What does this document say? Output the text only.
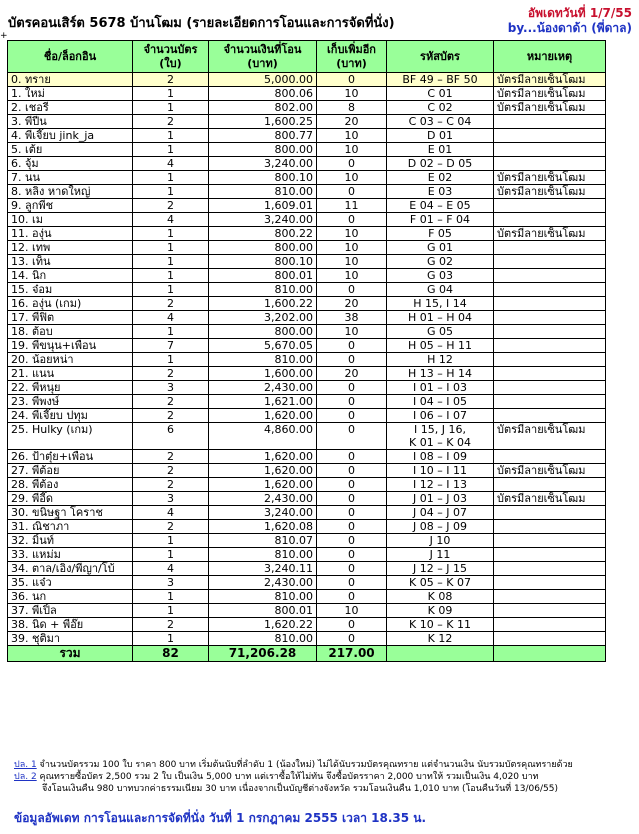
บัตรคอนเสิร์ต 5678 บ้านโฒม (รายละเอียดการโอนและการจัดที่นั่ง)
อัพเดทวันที่ 1/7/55
by...น้องดาด้า (พี่ดาล)
+
ชื่อ/ล็อกอิน	จำนวนบัตร (ใบ)	จำนวนเงินที่โอน (บาท)	เก็บเพิ่มอีก (บาท)	รหัสบัตร	หมายเหตุ
0. ทราย	2	5,000.00	0	BF 49 – BF 50	บัตรมีลายเซ็นโฒม
1. ใหม่	1	800.06	10	C 01	บัตรมีลายเซ็นโฒม
2. เชอรี่	1	802.00	8	C 02	บัตรมีลายเซ็นโฒม
3. พี่ปีน	2	1,600.25	20	C 03 – C 04	
4. พี่เจี๊ยบ jink_ja	1	800.77	10	D 01	
5. เต้ย	1	800.00	10	E 01	
6. จุ้ม	4	3,240.00	0	D 02 – D 05	
7. นน	1	800.10	10	E 02	บัตรมีลายเซ็นโฒม
8. หลิง หาดใหญ่	1	810.00	0	E 03	บัตรมีลายเซ็นโฒม
9. ลูกพีช	2	1,609.01	11	E 04 – E 05	
10. เม	4	3,240.00	0	F 01 – F 04	
11. องุ่น	1	800.22	10	F 05	บัตรมีลายเซ็นโฒม
12. เทพ	1	800.00	10	G 01	
13. เท็น	1	800.10	10	G 02	
14. นิก	1	800.01	10	G 03	
15. จ๋อม	1	810.00	0	G 04	
16. องุ่น (เกม)	2	1,600.22	20	H 15, I 14	
17. พี่ฟิต	4	3,202.00	38	H 01 – H 04	
18. ต้อบ	1	800.00	10	G 05	
19. พี่ขนุน+เพื่อน	7	5,670.05	0	H 05 – H 11	
20. น้อยหน่า	1	810.00	0	H 12	
21. แนน	2	1,600.00	20	H 13 – H 14	
22. พี่หนุย	3	2,430.00	0	I 01 – I 03	
23. พี่พงษ์	2	1,621.00	0	I 04 – I 05	
24. พี่เจี๊ยบ ปทุม	2	1,620.00	0	I 06 – I 07	
25. Hulky (เกม)	6	4,860.00	0	I 15, J 16,
K 01 – K 04	บัตรมีลายเซ็นโฒม
26. ป้าตุ๋ย+เพื่อน	2	1,620.00	0	I 08 – I 09	
27. พี่ต้อย	2	1,620.00	0	I 10 – I 11	บัตรมีลายเซ็นโฒม
28. พี่ต้อง	2	1,620.00	0	I 12 – I 13	
29. พี่อี๊ด	3	2,430.00	0	J 01 – J 03	บัตรมีลายเซ็นโฒม
30. ขนิษฐา โคราช	4	3,240.00	0	J 04 – J 07	
31. ณิชาภา	2	1,620.08	0	J 08 – J 09	
32. มิ้นท์	1	810.07	0	J 10	
33. แหม่ม	1	810.00	0	J 11	
34. ตาล/เอิง/พีญา/โบ้	4	3,240.11	0	J 12 – J 15	
35. แจ๋ว	3	2,430.00	0	K 05 – K 07	
36. นก	1	810.00	0	K 08	
37. พี่เปิ้ล	1	800.01	10	K 09	
38. นิด + พี่อ๊ย	2	1,620.22	0	K 10 – K 11	
39. ชุติมา	1	810.00	0	K 12	
รวม	82	71,206.28	217.00		
ปล. 1 จำนวนบัตรรวม 100 ใบ ราคา 800 บาท เริ่มต้นนับที่ลำดับ 1 (น้องใหม่) ไม่ได้นับรวมบัตรคุณทราย แต่จำนวนเงิน นับรวมบัตรคุณทรายด้วย
ปล. 2 คุณทรายซื้อบัตร 2,500 รวม 2 ใบ เป็นเงิน 5,000 บาท แต่เราซื้อให้ไม่ทัน จึงซื้อบัตรราคา 2,000 บาทให้ รวมเป็นเงิน 4,020 บาท
จึงโอนเงินคืน 980 บาทบวกค่าธรรมเนียม 30 บาท เนื่องจากเป็นบัญชีต่างจังหวัด รวมโอนเงินคืน 1,010 บาท (โอนคืนวันที่ 13/06/55)
ข้อมูลอัพเดท การโอนและการจัดที่นั่ง วันที่ 1 กรกฎาคม 2555 เวลา 18.35 น.
